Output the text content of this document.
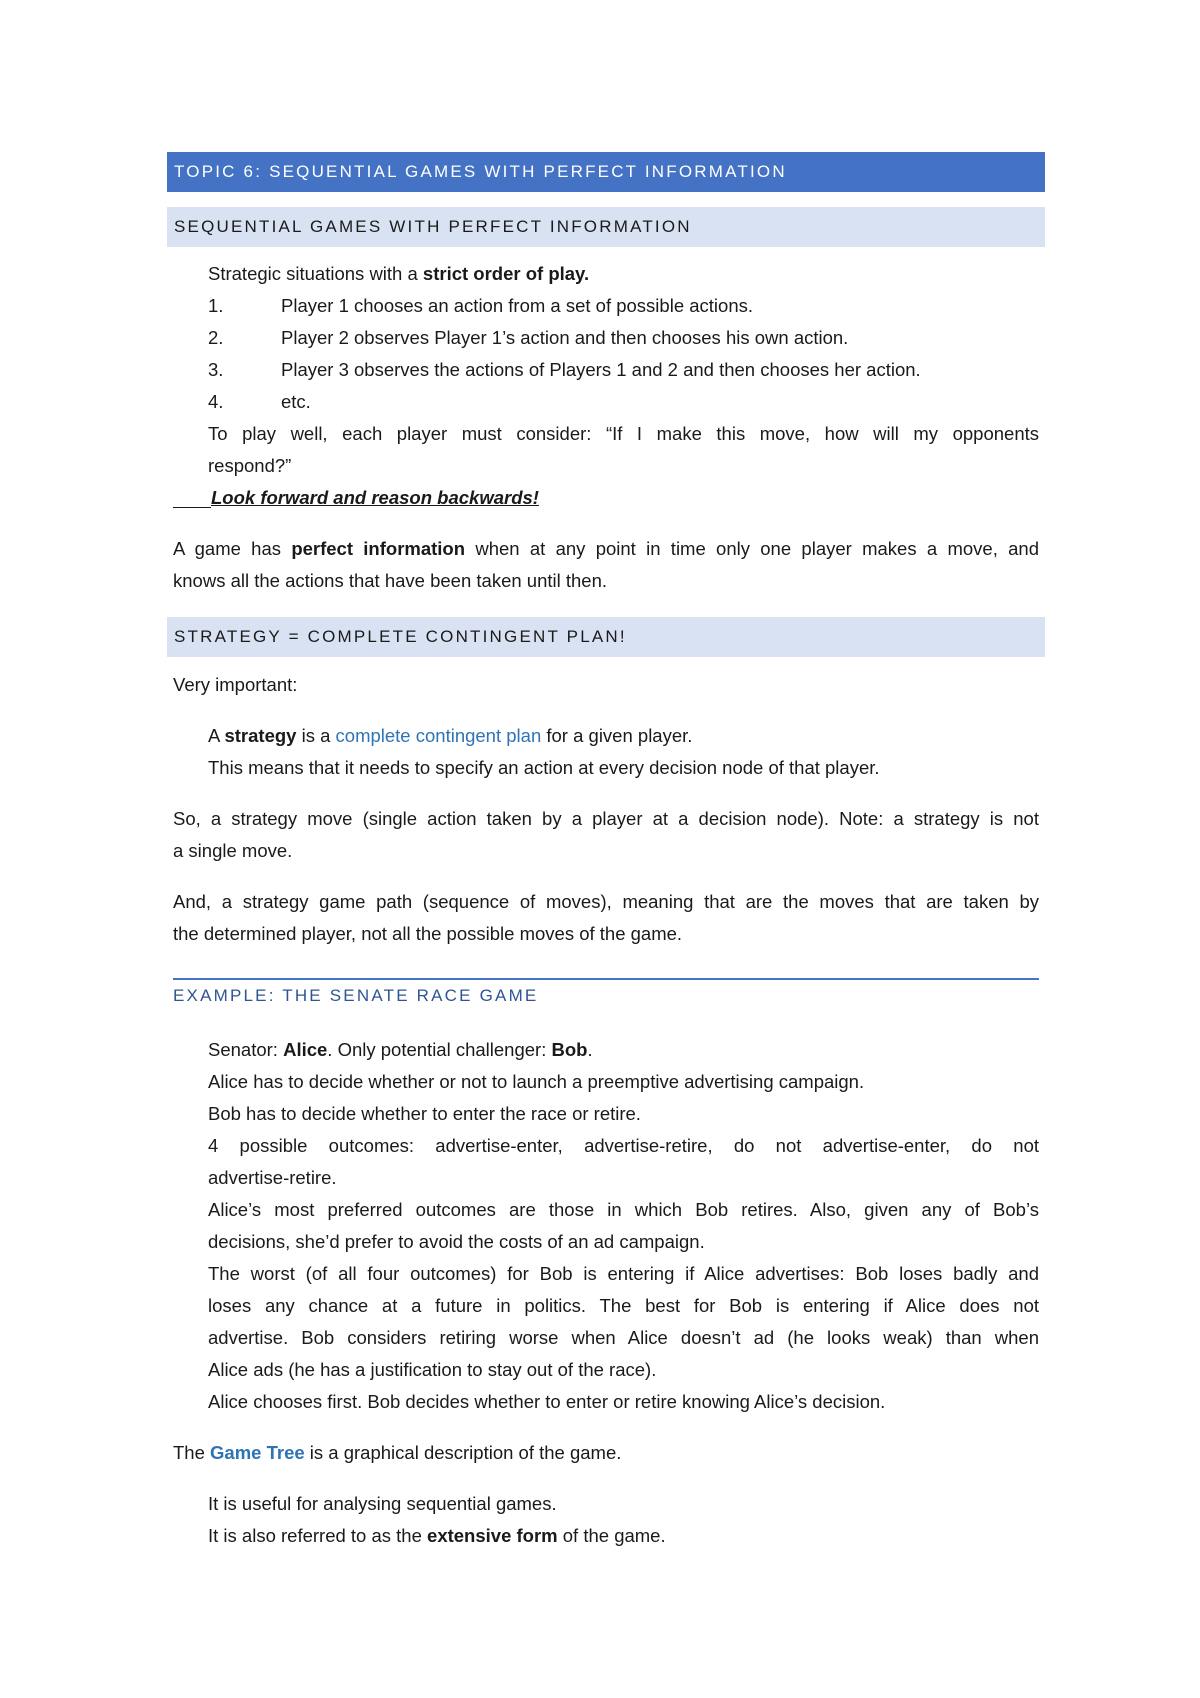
TOPIC 6: SEQUENTIAL GAMES WITH PERFECT INFORMATION
SEQUENTIAL GAMES WITH PERFECT INFORMATION
Strategic situations with a strict order of play.
1.	Player 1 chooses an action from a set of possible actions.
2.	Player 2 observes Player 1’s action and then chooses his own action.
3.	Player 3 observes the actions of Players 1 and 2 and then chooses her action.
4.	etc.
To play well, each player must consider: “If I make this move, how will my opponents
respond?”
Look forward and reason backwards!
A game has perfect information when at any point in time only one player makes a move, and
knows all the actions that have been taken until then.
STRATEGY = COMPLETE CONTINGENT PLAN!
Very important:
A strategy is a complete contingent plan for a given player.
This means that it needs to specify an action at every decision node of that player.
So, a strategy move (single action taken by a player at a decision node). Note: a strategy is not
a single move.
And, a strategy game path (sequence of moves), meaning that are the moves that are taken by
the determined player, not all the possible moves of the game.
EXAMPLE: THE SENATE RACE GAME
Senator: Alice. Only potential challenger: Bob.
Alice has to decide whether or not to launch a preemptive advertising campaign.
Bob has to decide whether to enter the race or retire.
4 possible outcomes: advertise-enter, advertise-retire, do not advertise-enter, do not
advertise-retire.
Alice’s most preferred outcomes are those in which Bob retires. Also, given any of Bob’s
decisions, she’d prefer to avoid the costs of an ad campaign.
The worst (of all four outcomes) for Bob is entering if Alice advertises: Bob loses badly and
loses any chance at a future in politics. The best for Bob is entering if Alice does not
advertise. Bob considers retiring worse when Alice doesn’t ad (he looks weak) than when
Alice ads (he has a justification to stay out of the race).
Alice chooses first. Bob decides whether to enter or retire knowing Alice’s decision.
The Game Tree is a graphical description of the game.
It is useful for analysing sequential games.
It is also referred to as the extensive form of the game.
